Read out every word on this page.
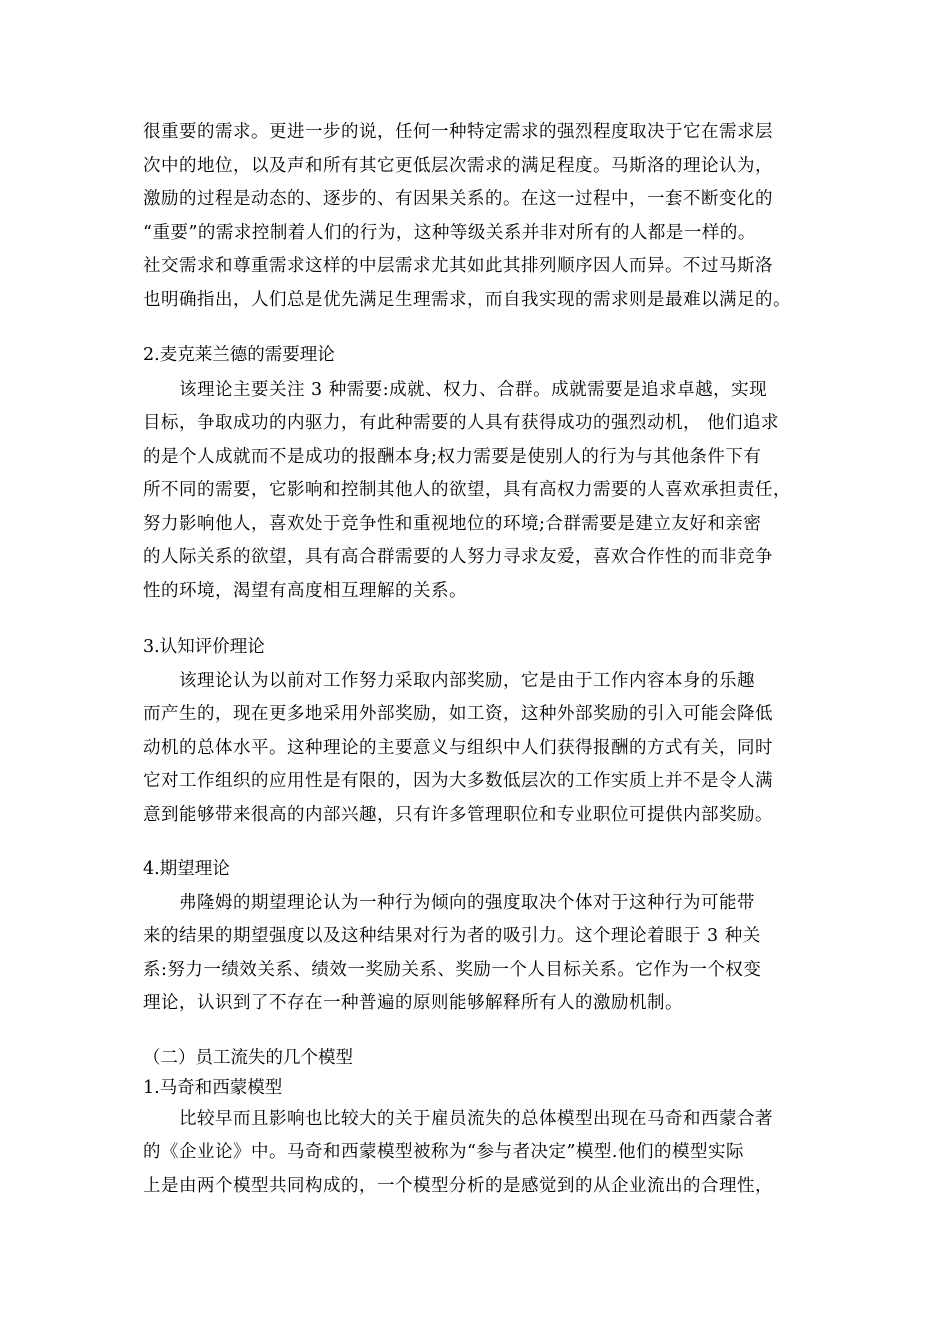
很重要的需求。更进一步的说，任何一种特定需求的强烈程度取决于它在需求层
次中的地位，以及声和所有其它更低层次需求的满足程度。马斯洛的理论认为，
激励的过程是动态的、逐步的、有因果关系的。在这一过程中，一套不断变化的
“重要”的需求控制着人们的行为，这种等级关系并非对所有的人都是一样的。
社交需求和尊重需求这样的中层需求尤其如此其排列顺序因人而异。不过马斯洛
也明确指出，人们总是优先满足生理需求，而自我实现的需求则是最难以满足的。
2.麦克莱兰德的需要理论
　　该理论主要关注 3 种需要:成就、权力、合群。成就需要是追求卓越，实现
目标，争取成功的内驱力，有此种需要的人具有获得成功的强烈动机， 他们追求
的是个人成就而不是成功的报酬本身;权力需要是使别人的行为与其他条件下有
所不同的需要，它影响和控制其他人的欲望，具有高权力需要的人喜欢承担责任，
努力影响他人，喜欢处于竞争性和重视地位的环境;合群需要是建立友好和亲密
的人际关系的欲望，具有高合群需要的人努力寻求友爱，喜欢合作性的而非竞争
性的环境，渴望有高度相互理解的关系。
3.认知评价理论
　　该理论认为以前对工作努力采取内部奖励，它是由于工作内容本身的乐趣
而产生的，现在更多地采用外部奖励，如工资，这种外部奖励的引入可能会降低
动机的总体水平。这种理论的主要意义与组织中人们获得报酬的方式有关，同时
它对工作组织的应用性是有限的，因为大多数低层次的工作实质上并不是令人满
意到能够带来很高的内部兴趣，只有许多管理职位和专业职位可提供内部奖励。
4.期望理论
　　弗隆姆的期望理论认为一种行为倾向的强度取决个体对于这种行为可能带
来的结果的期望强度以及这种结果对行为者的吸引力。这个理论着眼于 3 种关
系:努力一绩效关系、绩效一奖励关系、奖励一个人目标关系。它作为一个权变
理论，认识到了不存在一种普遍的原则能够解释所有人的激励机制。
（二）员工流失的几个模型
1.马奇和西蒙模型
　　比较早而且影响也比较大的关于雇员流失的总体模型出现在马奇和西蒙合著
的《企业论》中。马奇和西蒙模型被称为“参与者决定”模型.他们的模型实际
上是由两个模型共同构成的，一个模型分析的是感觉到的从企业流出的合理性，
